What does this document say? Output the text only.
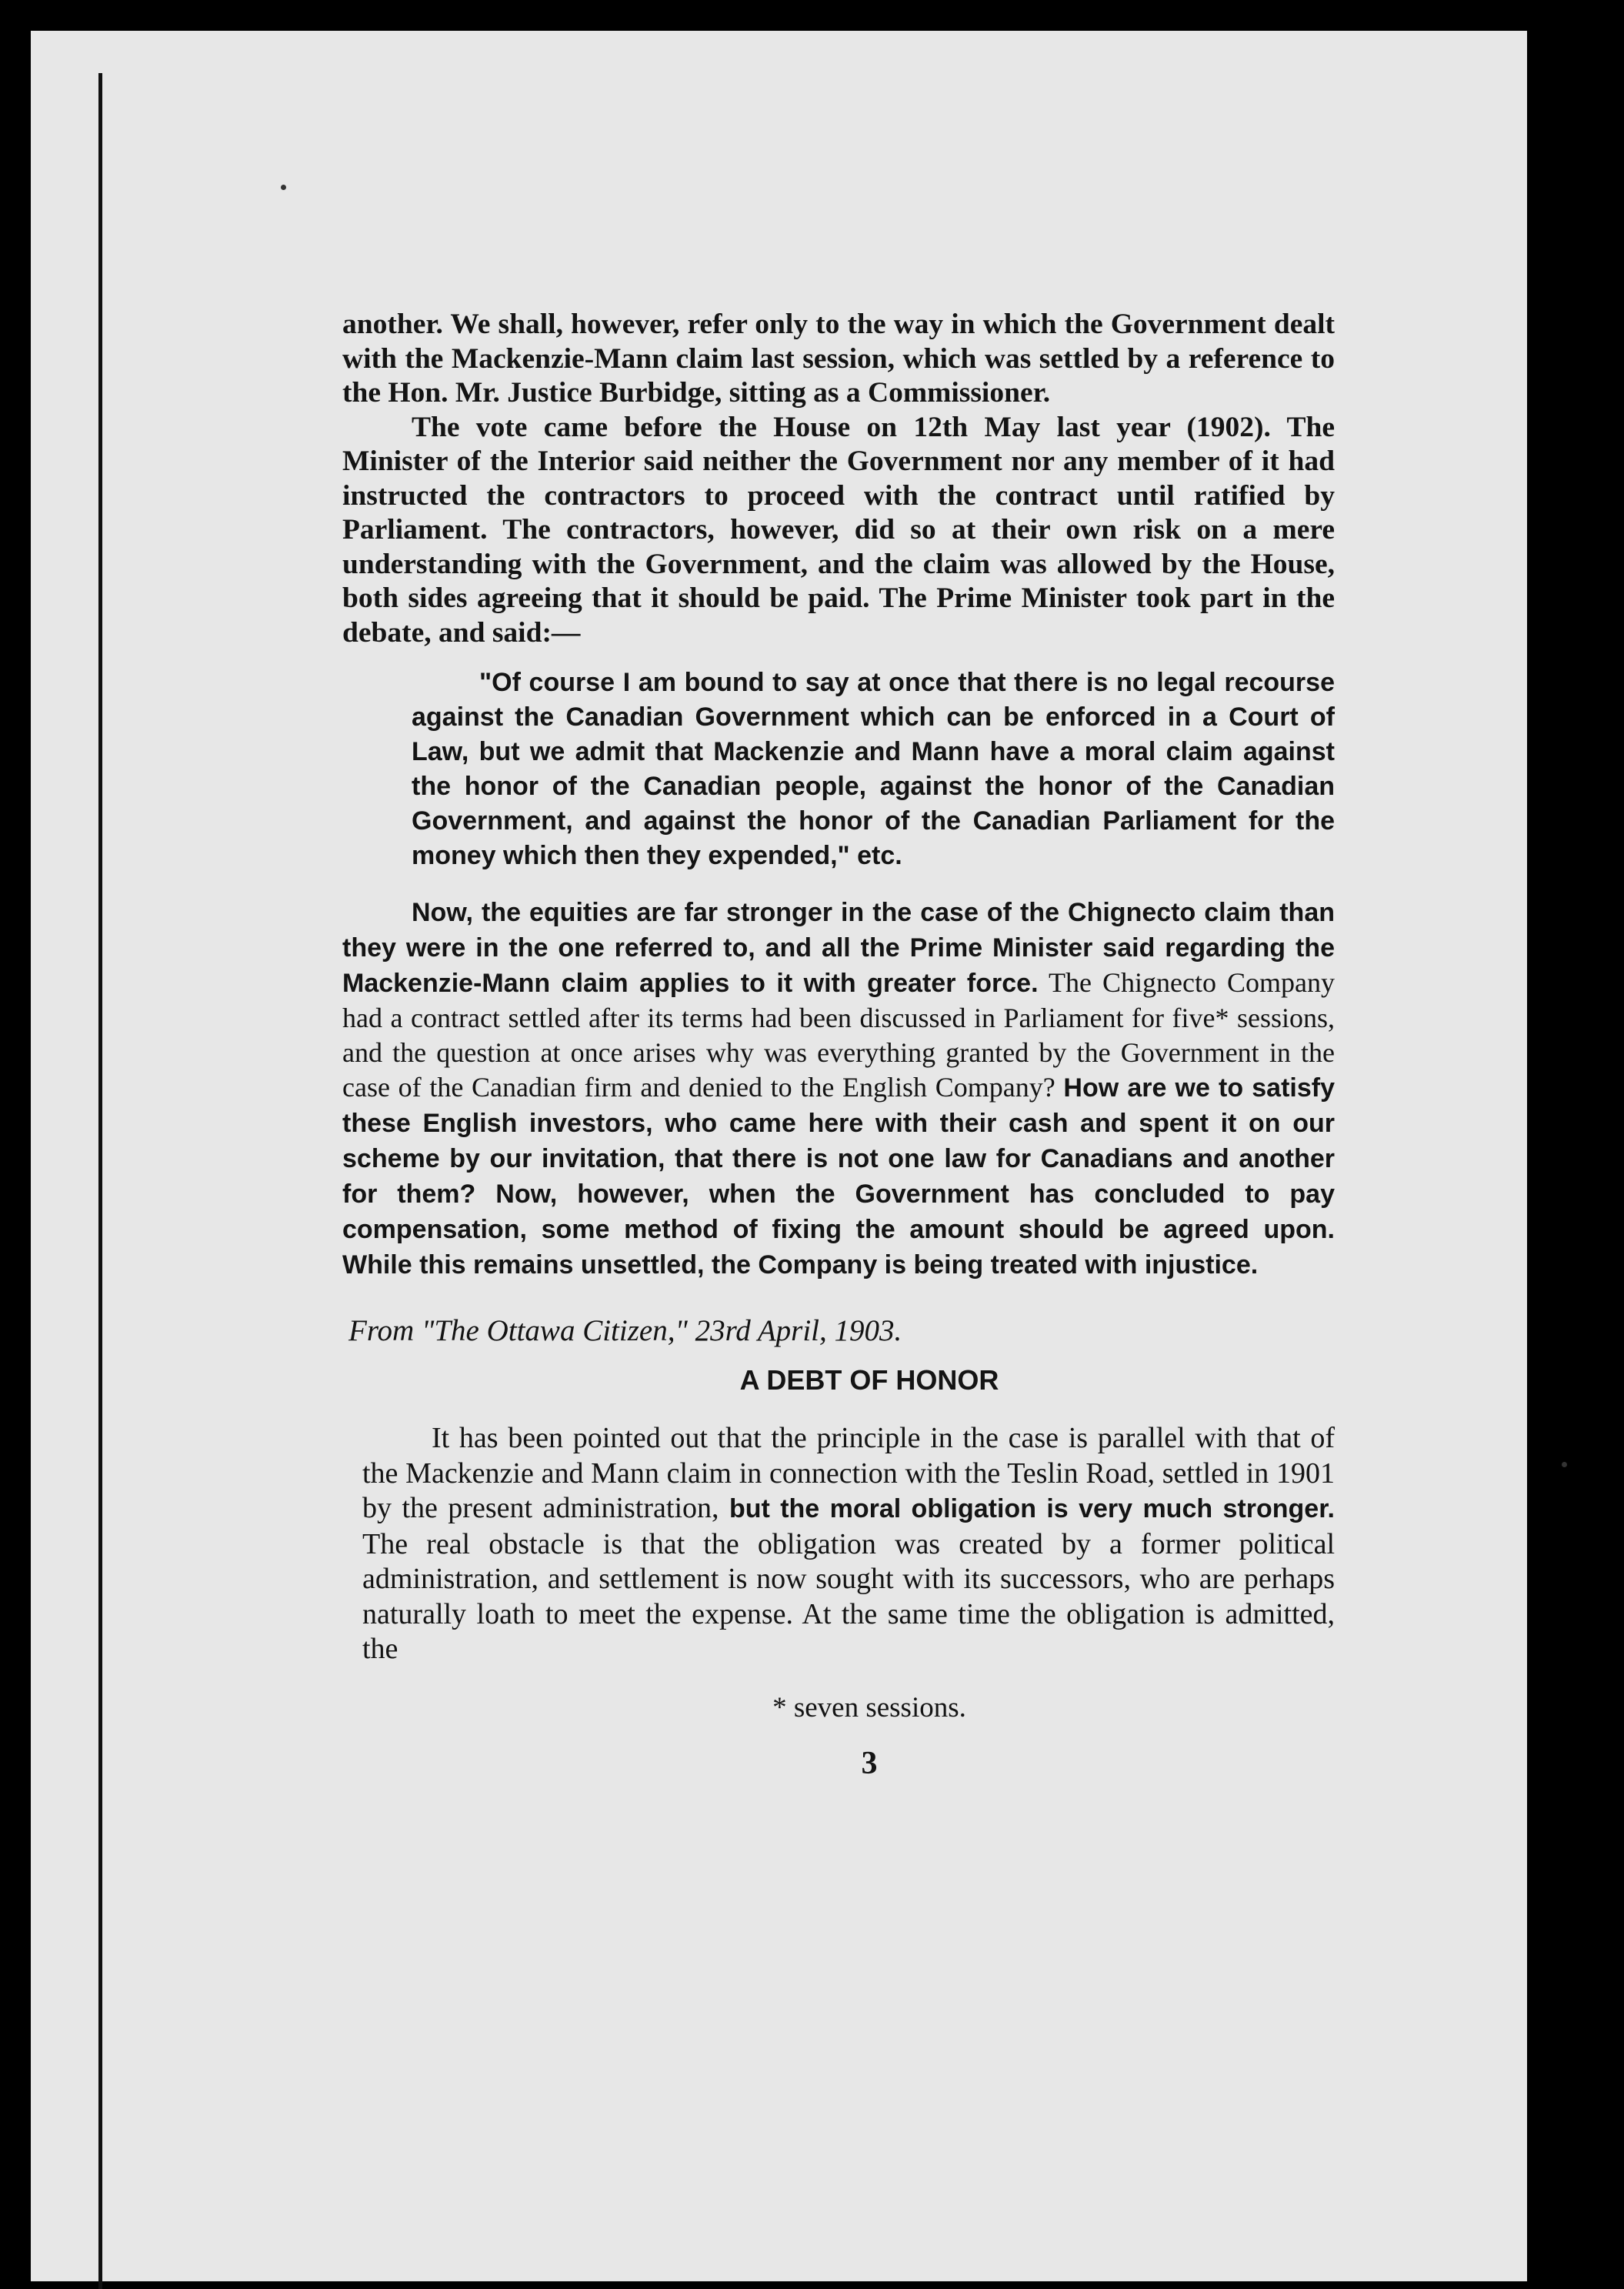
another. We shall, however, refer only to the way in which the Government dealt with the Mackenzie-Mann claim last session, which was settled by a reference to the Hon. Mr. Justice Burbidge, sitting as a Commissioner.

The vote came before the House on 12th May last year (1902). The Minister of the Interior said neither the Government nor any member of it had instructed the contractors to proceed with the contract until ratified by Parliament. The contractors, however, did so at their own risk on a mere understanding with the Government, and the claim was allowed by the House, both sides agreeing that it should be paid. The Prime Minister took part in the debate, and said:—

"Of course I am bound to say at once that there is no legal recourse against the Canadian Government which can be enforced in a Court of Law, but we admit that Mackenzie and Mann have a moral claim against the honor of the Canadian people, against the honor of the Canadian Government, and against the honor of the Canadian Parliament for the money which then they expended," etc.

Now, the equities are far stronger in the case of the Chignecto claim than they were in the one referred to, and all the Prime Minister said regarding the Mackenzie-Mann claim applies to it with greater force. The Chignecto Company had a contract settled after its terms had been discussed in Parliament for five* sessions, and the question at once arises why was everything granted by the Government in the case of the Canadian firm and denied to the English Company? How are we to satisfy these English investors, who came here with their cash and spent it on our scheme by our invitation, that there is not one law for Canadians and another for them? Now, however, when the Government has concluded to pay compensation, some method of fixing the amount should be agreed upon. While this remains unsettled, the Company is being treated with injustice.

From "The Ottawa Citizen," 23rd April, 1903.

A DEBT OF HONOR

It has been pointed out that the principle in the case is parallel with that of the Mackenzie and Mann claim in connection with the Teslin Road, settled in 1901 by the present administration, but the moral obligation is very much stronger. The real obstacle is that the obligation was created by a former political administration, and settlement is now sought with its successors, who are perhaps naturally loath to meet the expense. At the same time the obligation is admitted, the

* seven sessions.

3
